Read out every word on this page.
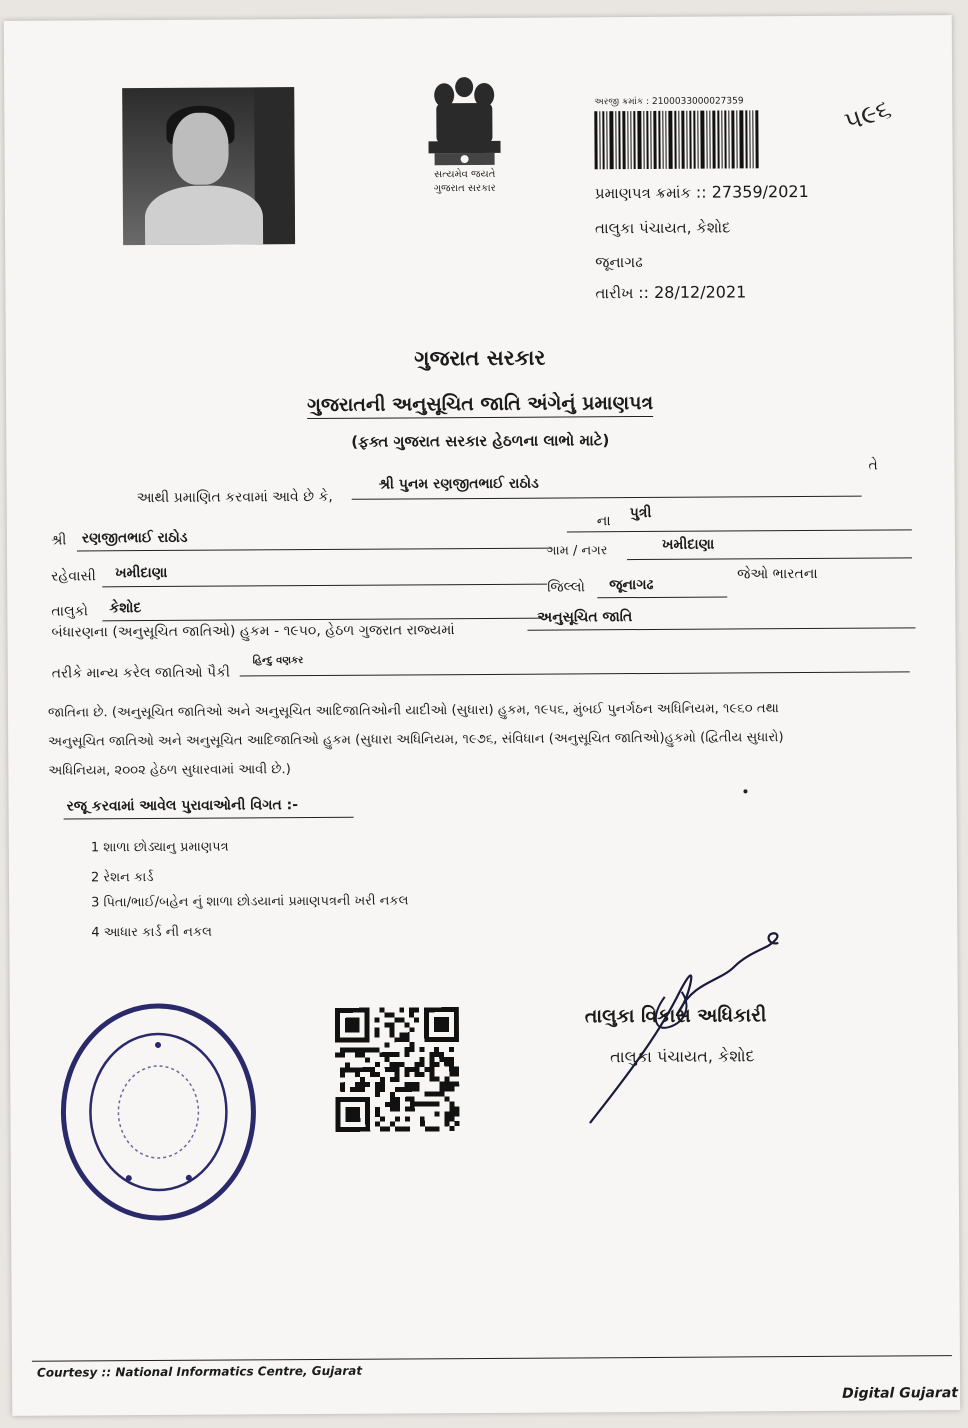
સત્યમેવ જયતે
ગુજરાત સરકાર
અરજી ક્રમાંક : 2100033000027359
પ્રમાણપત્ર ક્રમાંક :: 27359/2021
તાલુકા પંચાયત, કેશોદ
જૂનાગઢ
તારીખ :: 28/12/2021
૫૯૬
ગુજરાત સરકાર
ગુજરાતની અનુસૂચિત જાતિ અંગેનું પ્રમાણપત્ર
(ફક્ત ગુજરાત સરકાર હેઠળના લાભો માટે)
આથી પ્રમાણિત કરવામાં આવે છે કે,
શ્રી પુનમ રણજીતભાઈ રાઠોડ
તે
શ્રી રણજીતભાઈ રાઠોડ
ના
પુત્રી
ગામ / નગર	ખમીદાણા
રહેવાસી ખમીદાણા
જિલ્લો જૂનાગઢ
જેઓ ભારતના
તાલુકો કેશોદ
બંધારણના (અનુસૂચિત જાતિઓ) હુકમ - ૧૯૫૦, હેઠળ ગુજરાત રાજ્યમાં
અનુસૂચિત જાતિ
તરીકે માન્ય કરેલ જાતિઓ પૈકી
હિન્દુ વણકર
જાતિના છે. (અનુસૂચિત જાતિઓ અને અનુસૂચિત આદિજાતિઓની યાદીઓ (સુધારા) હુકમ, ૧૯૫૬, મુંબઈ પુનર્ગઠન અધિનિયમ, ૧૯૬૦ તથા
અનુસૂચિત જાતિઓ અને અનુસૂચિત આદિજાતિઓ હુકમ (સુધારા અધિનિયમ, ૧૯૭૬, સંવિધાન (અનુસૂચિત જાતિઓ)હુકમો (દ્વિતીય સુધારો)
અધિનિયમ, ૨૦૦૨ હેઠળ સુધારવામાં આવી છે.)
રજૂ કરવામાં આવેલ પુરાવાઓની વિગત :-
1 શાળા છોડ્યાનુ પ્રમાણપત્ર
2 રેશન કાર્ડ
3 પિતા/ભાઈ/બહેન નું શાળા છોડયાનાં પ્રમાણપત્રની ખરી નકલ
4 આધાર કાર્ડ ની નકલ
તાલુકા વિકાસ અધિકારી
તાલુકા પંચાયત, કેશોદ
Courtesy :: National Informatics Centre, Gujarat
Digital Gujarat
